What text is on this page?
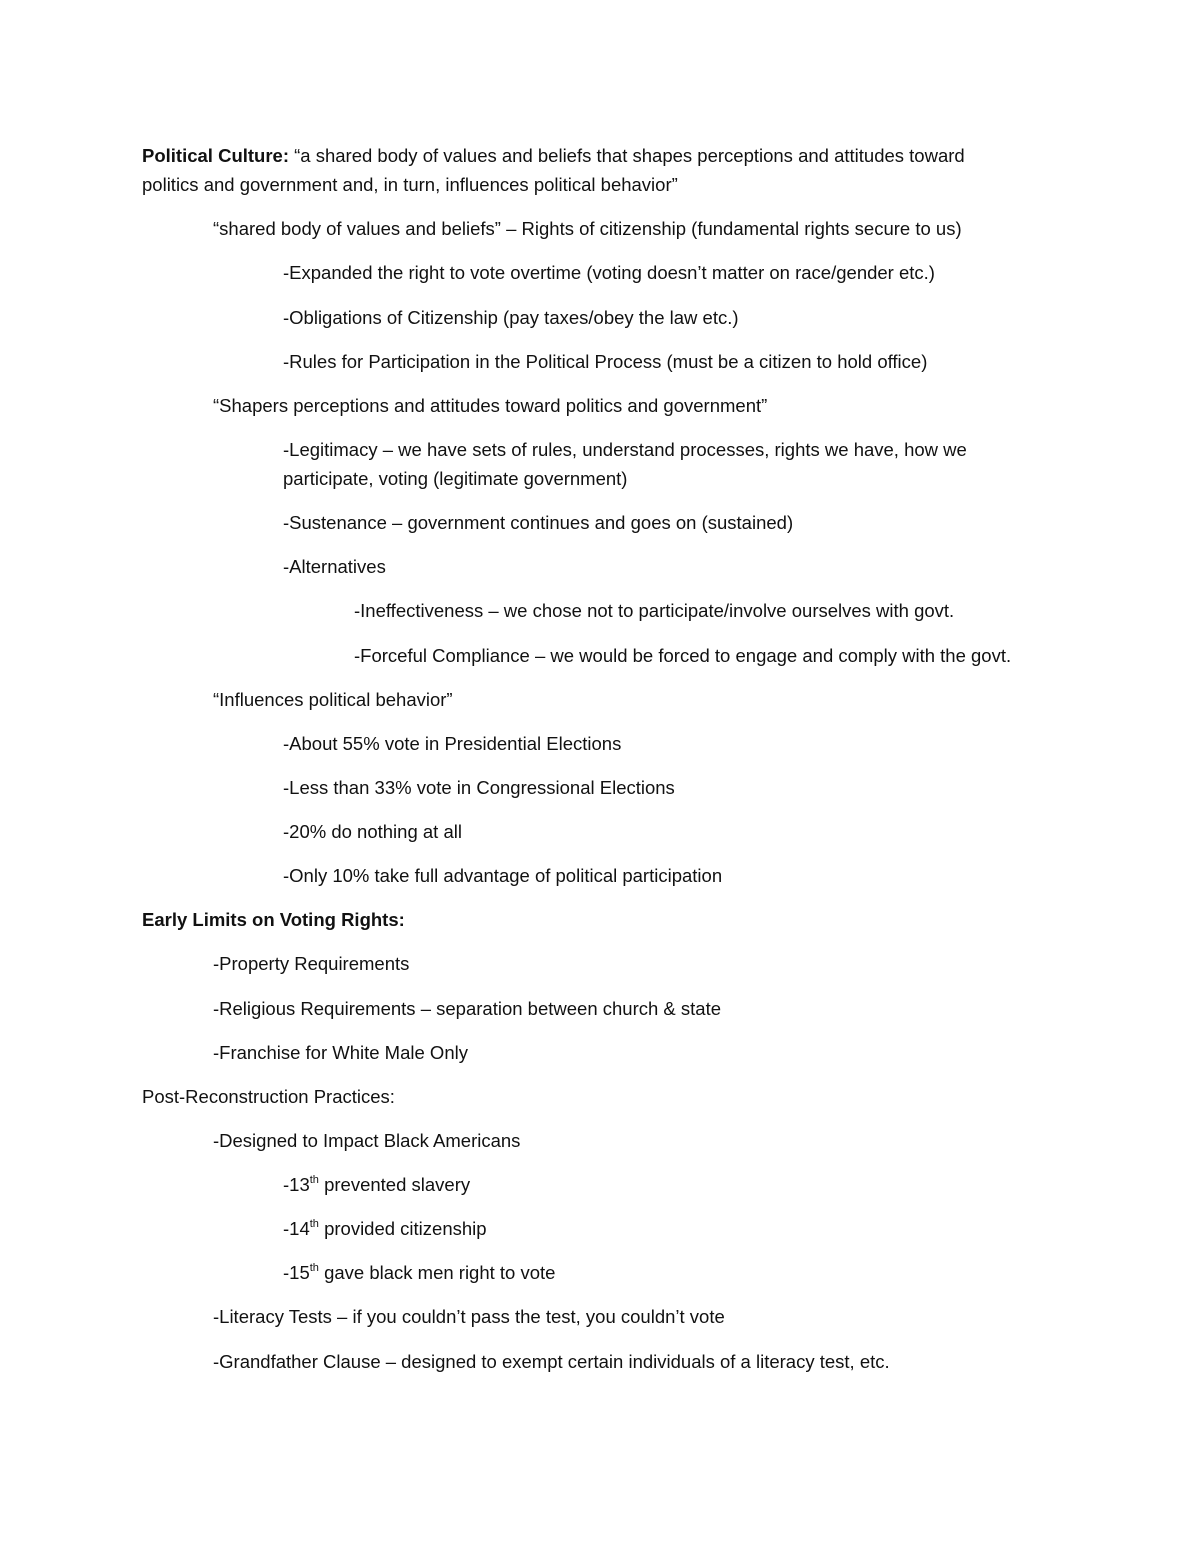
Political Culture: “a shared body of values and beliefs that shapes perceptions and attitudes toward

politics and government and, in turn, influences political behavior”

“shared body of values and beliefs” – Rights of citizenship (fundamental rights secure to us)

-Expanded the right to vote overtime (voting doesn’t matter on race/gender etc.)

-Obligations of Citizenship (pay taxes/obey the law etc.)

-Rules for Participation in the Political Process (must be a citizen to hold office)

“Shapers perceptions and attitudes toward politics and government”

-Legitimacy – we have sets of rules, understand processes, rights we have, how we

participate, voting (legitimate government)

-Sustenance – government continues and goes on (sustained)

-Alternatives

-Ineffectiveness – we chose not to participate/involve ourselves with govt.

-Forceful Compliance – we would be forced to engage and comply with the govt.

“Influences political behavior”

-About 55% vote in Presidential Elections

-Less than 33% vote in Congressional Elections

-20% do nothing at all

-Only 10% take full advantage of political participation

Early Limits on Voting Rights:

-Property Requirements

-Religious Requirements – separation between church & state

-Franchise for White Male Only

Post-Reconstruction Practices:

-Designed to Impact Black Americans

-13th prevented slavery

-14th provided citizenship

-15th gave black men right to vote

-Literacy Tests – if you couldn’t pass the test, you couldn’t vote

-Grandfather Clause – designed to exempt certain individuals of a literacy test, etc.
